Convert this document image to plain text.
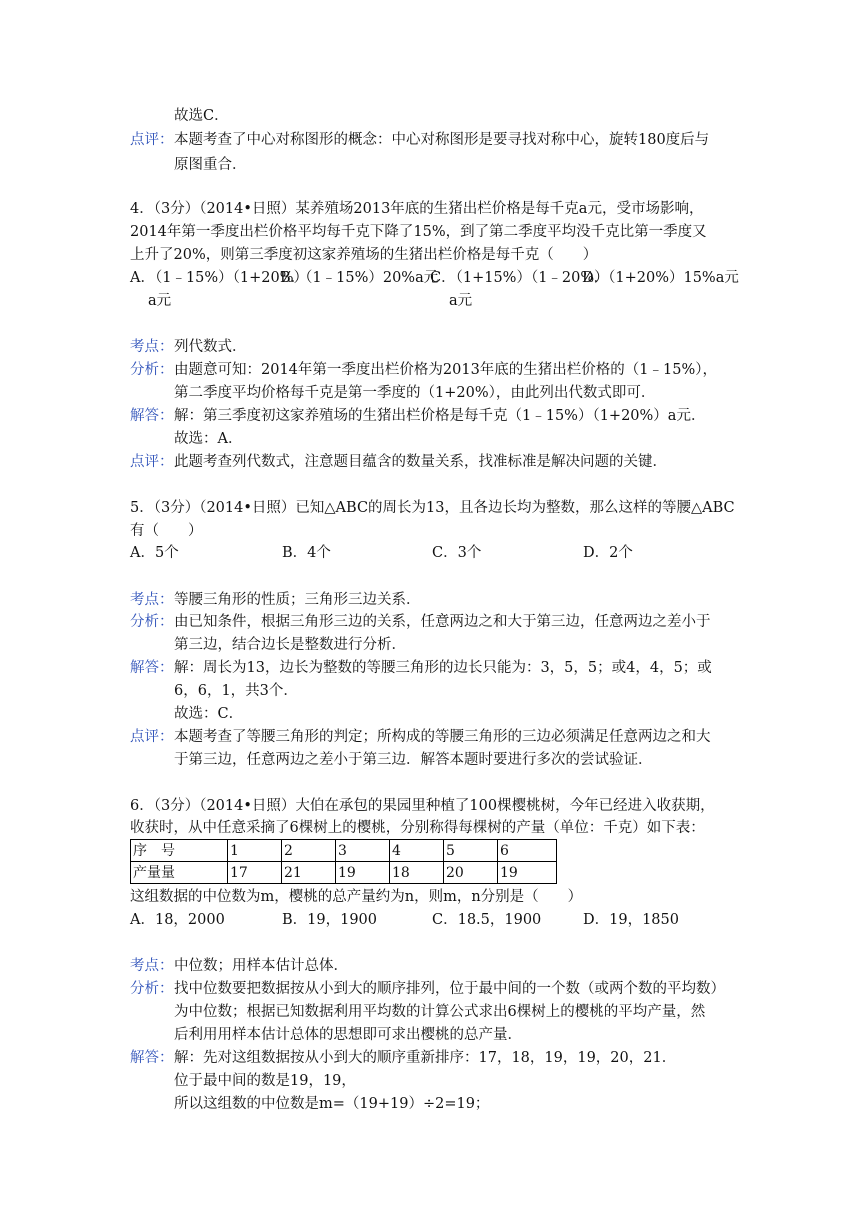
故选C．
点评： 本题考查了中心对称图形的概念：中心对称图形是要寻找对称中心，旋转180度后与
原图重合．
4．（3分）（2014•日照）某养殖场2013年底的生猪出栏价格是每千克a元，受市场影响，
2014年第一季度出栏价格平均每千克下降了15%，到了第二季度平均没千克比第一季度又
上升了20%，则第三季度初这家养殖场的生猪出栏价格是每千克（　　）
A．（1﹣15%）（1+20%）
B．（1﹣15%）20%a元
C．（1+15%）（1﹣20%）
D．（1+20%）15%a元
a元	a元
考点： 列代数式．
分析： 由题意可知：2014年第一季度出栏价格为2013年底的生猪出栏价格的（1﹣15%），
第二季度平均价格每千克是第一季度的（1+20%），由此列出代数式即可．
解答： 解：第三季度初这家养殖场的生猪出栏价格是每千克（1﹣15%）（1+20%）a元．
故选：A．
点评： 此题考查列代数式，注意题目蕴含的数量关系，找准标准是解决问题的关键．
5．（3分）（2014•日照）已知△ABC的周长为13，且各边长均为整数，那么这样的等腰△ABC
有（　　）
A．5个	B．4个	C．3个	D．2个
考点： 等腰三角形的性质；三角形三边关系．
分析： 由已知条件，根据三角形三边的关系，任意两边之和大于第三边，任意两边之差小于
第三边，结合边长是整数进行分析．
解答： 解：周长为13，边长为整数的等腰三角形的边长只能为：3，5，5；或4，4，5；或
6，6，1，共3个．
故选：C．
点评： 本题考查了等腰三角形的判定；所构成的等腰三角形的三边必须满足任意两边之和大
于第三边，任意两边之差小于第三边．解答本题时要进行多次的尝试验证．
6．（3分）（2014•日照）大伯在承包的果园里种植了100棵樱桃树，今年已经进入收获期，
收获时，从中任意采摘了6棵树上的樱桃，分别称得每棵树的产量（单位：千克）如下表：
序　号	1	2	3	4	5	6
产量量	17	21	19	18	20	19
这组数据的中位数为m，樱桃的总产量约为n，则m，n分别是（　　）
A．18，2000	B．19，1900	C．18.5，1900	D．19，1850
考点： 中位数；用样本估计总体．
分析： 找中位数要把数据按从小到大的顺序排列，位于最中间的一个数（或两个数的平均数）
为中位数；根据已知数据利用平均数的计算公式求出6棵树上的樱桃的平均产量，然
后利用用样本估计总体的思想即可求出樱桃的总产量．
解答： 解：先对这组数据按从小到大的顺序重新排序：17，18，19，19，20，21．
位于最中间的数是19，19，
所以这组数的中位数是m=（19+19）÷2=19；
